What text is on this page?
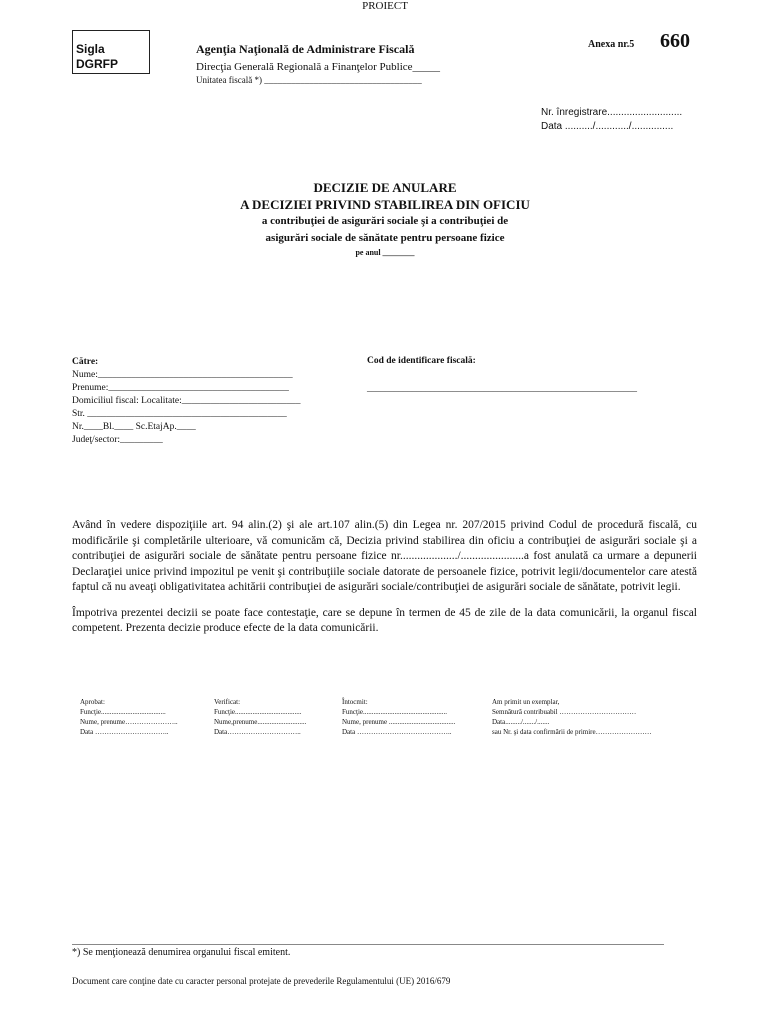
PROIECT
Sigla DGRFP
Agenţia Naţională de Administrare Fiscală
Direcţia Generală Regională a Finanţelor Publice_____
Unitatea fiscală *) ___________________________________
Anexa nr.5 660
Nr. înregistrare...........................
Data ........../............/...............
DECIZIE DE ANULARE
A DECIZIEI PRIVIND STABILIREA DIN OFICIU
a contribuţiei de asigurări sociale şi a contribuţiei de
asigurări sociale de sănătate pentru persoane fizice
pe anul ________
Către:
Nume:_________________________________________
Prenume:______________________________________
Domiciliul fiscal: Localitate:_________________________
Str. __________________________________________
Nr.____Bl.____ Sc.EtajAp.____
Judeţ/sector:_________
Cod de identificare fiscală:
____________________________________________________________

Având în vedere dispoziţiile art. 94 alin.(2) şi ale art.107 alin.(5) din Legea nr. 207/2015 privind Codul de procedură fiscală, cu modificările şi completările ulterioare, vă comunicăm că, Decizia privind stabilirea din oficiu a contribuţiei de asigurări sociale şi a contribuţiei de asigurări sociale de sănătate pentru persoane fizice nr..................../......................a fost anulată ca urmare a depunerii Declaraţiei unice privind impozitul pe venit şi contribuţiile sociale datorate de persoanele fizice, potrivit legii/documentelor care atestă faptul că nu aveaţi obligativitatea achitării contribuţiei de asigurări sociale/contribuţiei de asigurări sociale de sănătate, potrivit legii.

Împotriva prezentei decizii se poate face contestaţie, care se depune în termen de 45 de zile de la data comunicării, la organul fiscal competent. Prezenta decizie produce efecte de la data comunicării.

Aprobat:
Funcţie.....................................
Nume, prenume…………………..
Data …………………………..
Verificat:
Funcţie......................................
Nume,prenume............................
Data…………………………..
Întocmit:
Funcţie................................................
Nume, prenume ......................................
Data …………………………………..
Am primit un exemplar,
Semnătură contribuabil ……………………………
Data........./......./.......
sau Nr. şi data confirmării de primire……………………
*) Se menţionează denumirea organului fiscal emitent.
Document care conţine date cu caracter personal protejate de prevederile Regulamentului (UE) 2016/679
